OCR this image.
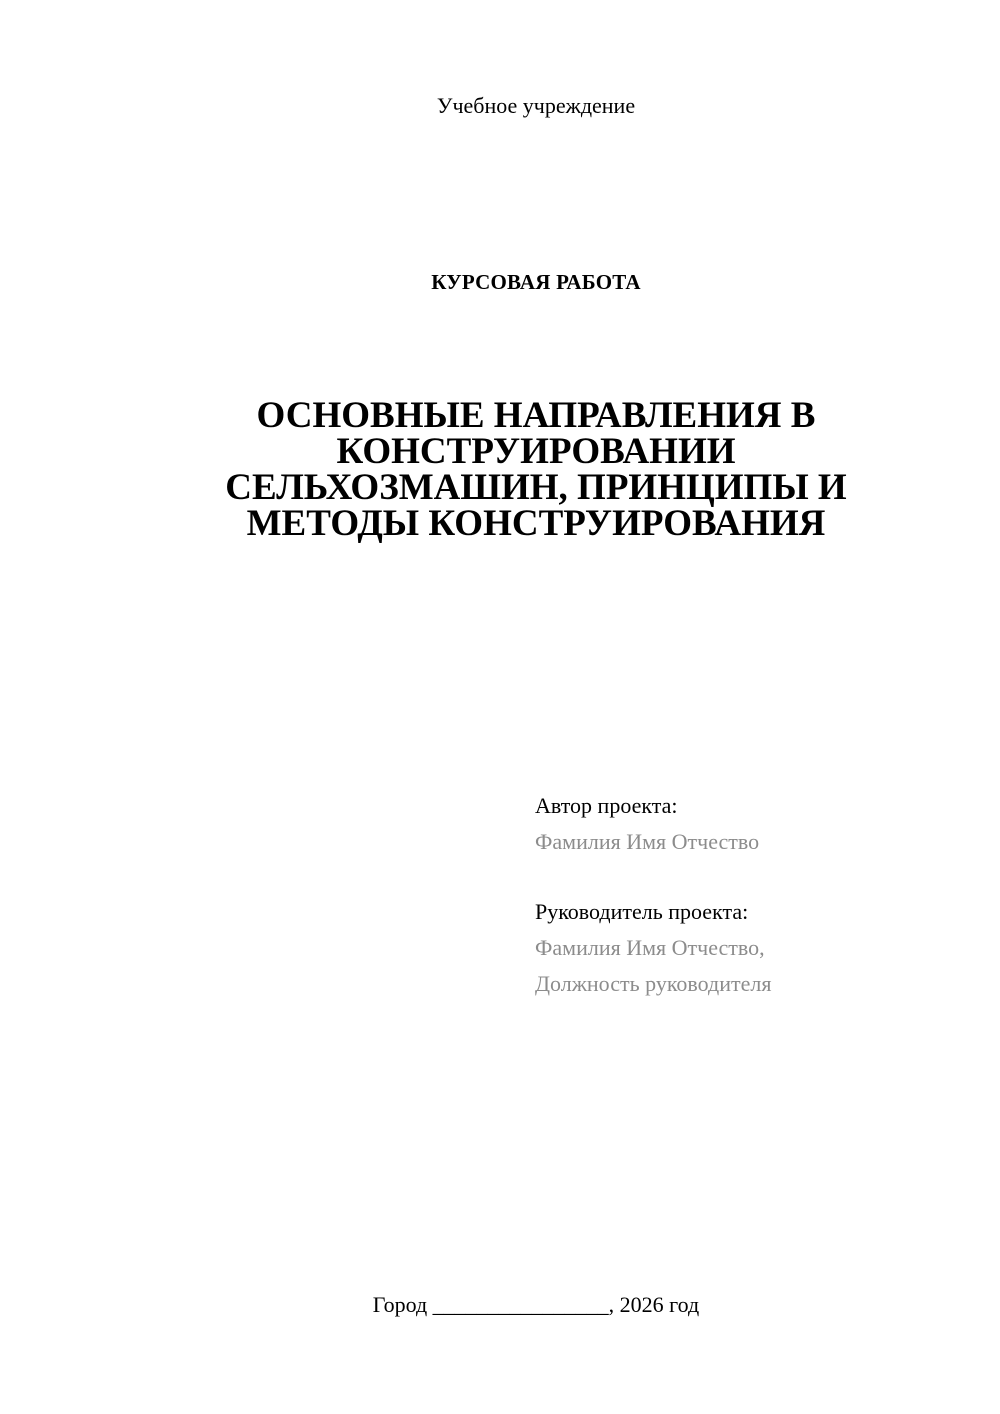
Учебное учреждение
КУРСОВАЯ РАБОТА
ОСНОВНЫЕ НАПРАВЛЕНИЯ В
КОНСТРУИРОВАНИИ
СЕЛЬХОЗМАШИН, ПРИНЦИПЫ И
МЕТОДЫ КОНСТРУИРОВАНИЯ
Автор проекта:
Фамилия Имя Отчество
Руководитель проекта:
Фамилия Имя Отчество,
Должность руководителя
Город ________________, 2026 год
